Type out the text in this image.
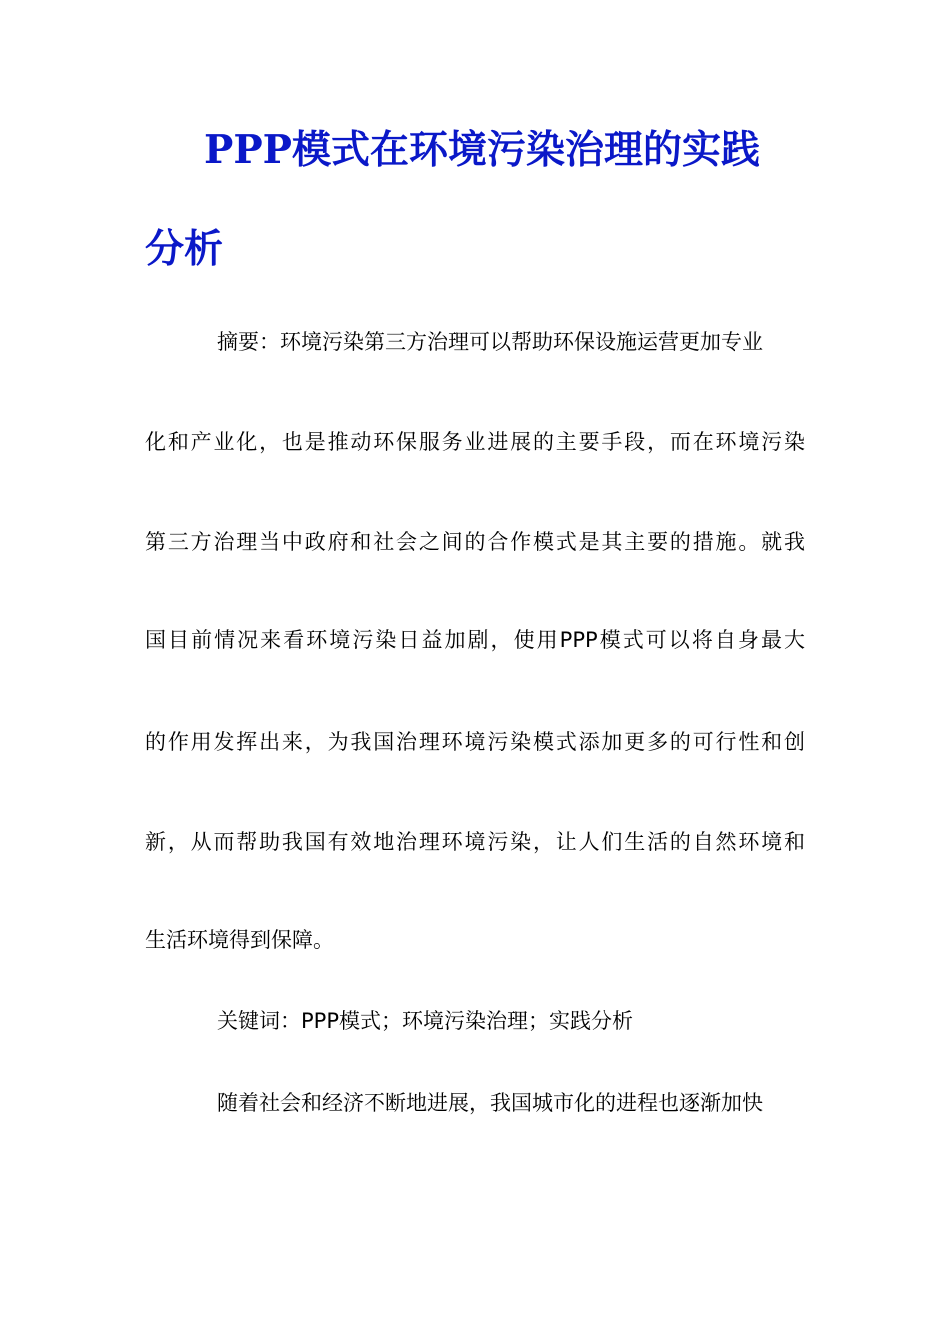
PPP模式在环境污染治理的实践
分析

摘要：环境污染第三方治理可以帮助环保设施运营更加专业

化和产业化，也是推动环保服务业进展的主要手段，而在环境污染

第三方治理当中政府和社会之间的合作模式是其主要的措施。就我

国目前情况来看环境污染日益加剧，使用PPP模式可以将自身最大

的作用发挥出来，为我国治理环境污染模式添加更多的可行性和创

新，从而帮助我国有效地治理环境污染，让人们生活的自然环境和

生活环境得到保障。

关键词：PPP模式；环境污染治理；实践分析

随着社会和经济不断地进展，我国城市化的进程也逐渐加快
